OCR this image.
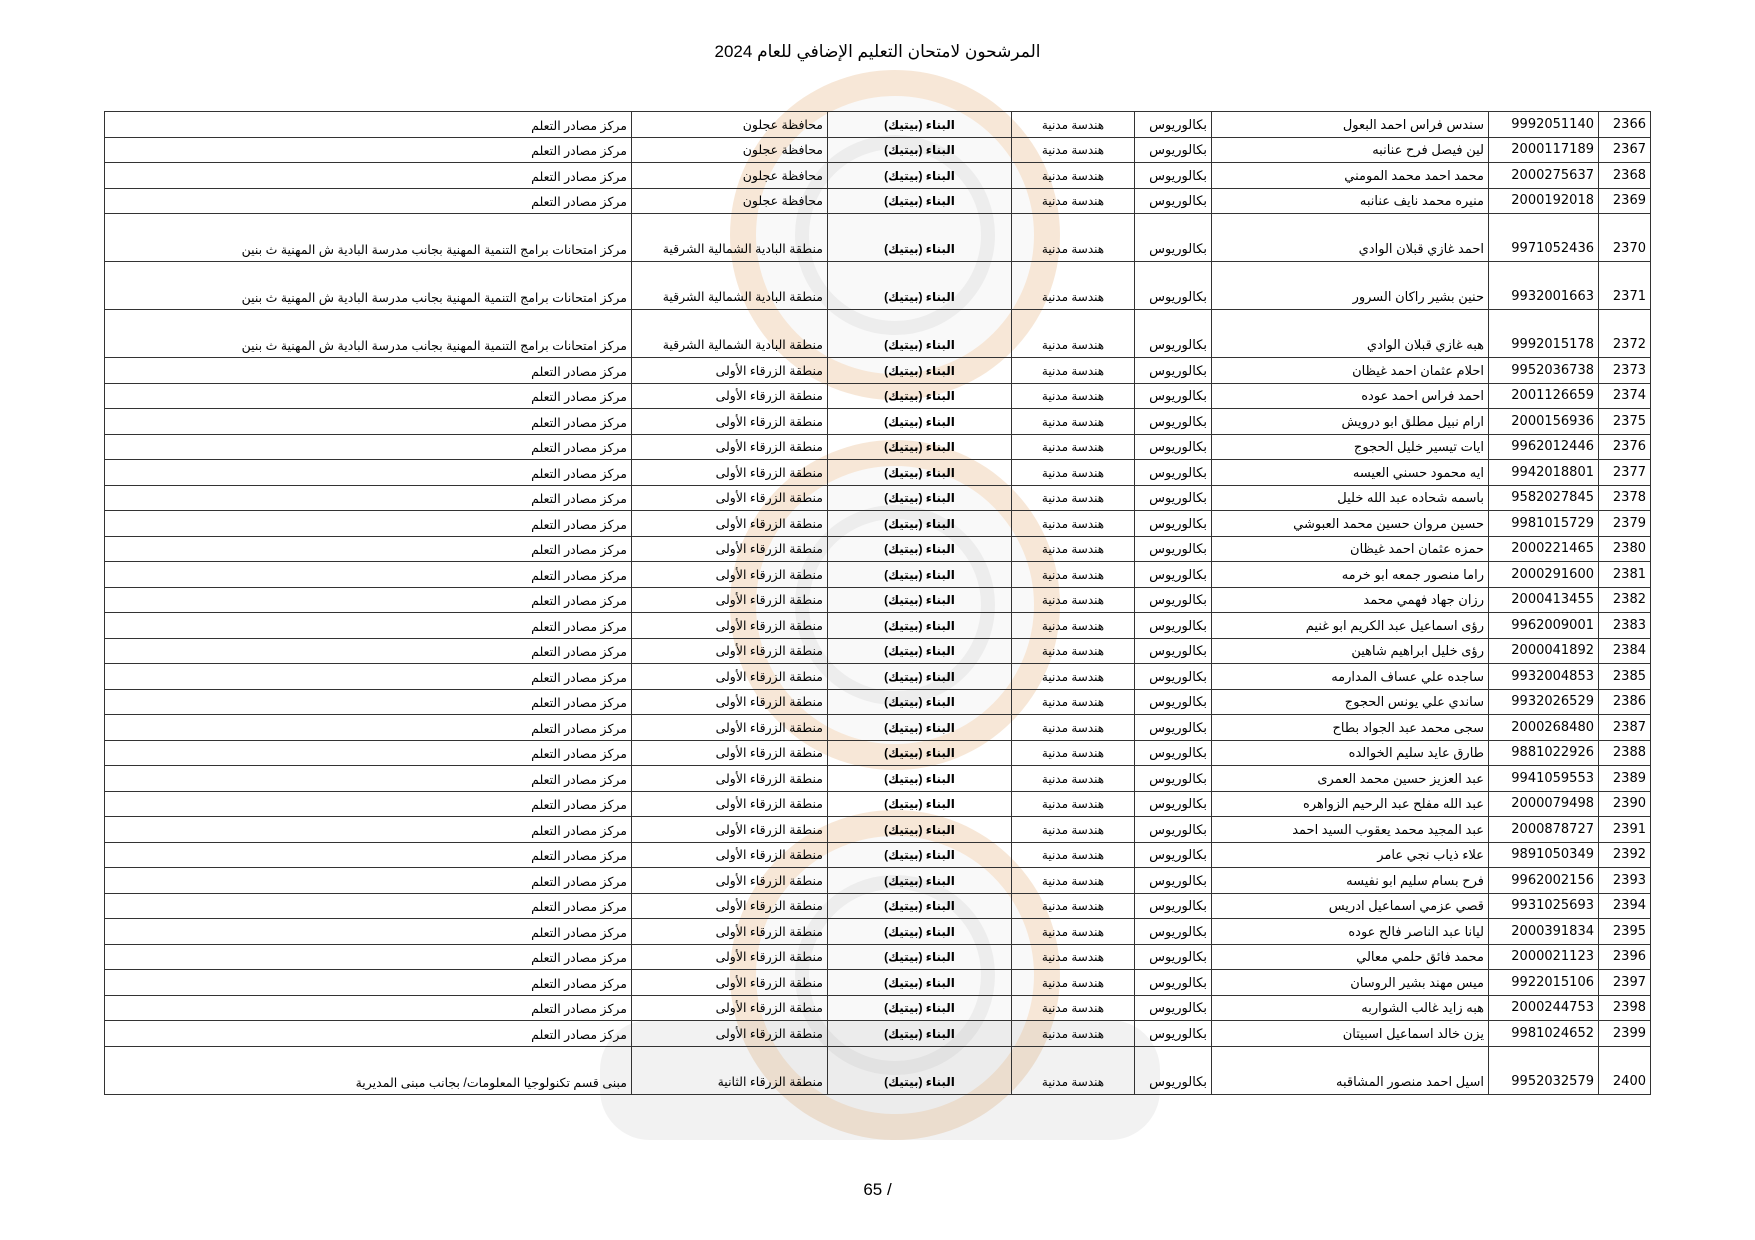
المرشحون لامتحان التعليم الإضافي للعام 2024
2366	9992051140	سندس فراس احمد البعول	بكالوريوس	هندسة مدنية	البناء (بيتيك)	محافظة عجلون	مركز مصادر التعلم
2367	2000117189	لين فيصل فرح عنانبه	بكالوريوس	هندسة مدنية	البناء (بيتيك)	محافظة عجلون	مركز مصادر التعلم
2368	2000275637	محمد احمد محمد المومني	بكالوريوس	هندسة مدنية	البناء (بيتيك)	محافظة عجلون	مركز مصادر التعلم
2369	2000192018	منيره محمد نايف عنانبه	بكالوريوس	هندسة مدنية	البناء (بيتيك)	محافظة عجلون	مركز مصادر التعلم
2370	9971052436	احمد غازي قبلان الوادي	بكالوريوس	هندسة مدنية	البناء (بيتيك)	منطقة البادية الشمالية الشرقية	مركز امتحانات برامج التنمية المهنية بجانب مدرسة البادية ش المهنية ث بنين
2371	9932001663	حنين بشير راكان السرور	بكالوريوس	هندسة مدنية	البناء (بيتيك)	منطقة البادية الشمالية الشرقية	مركز امتحانات برامج التنمية المهنية بجانب مدرسة البادية ش المهنية ث بنين
2372	9992015178	هبه غازي قبلان الوادي	بكالوريوس	هندسة مدنية	البناء (بيتيك)	منطقة البادية الشمالية الشرقية	مركز امتحانات برامج التنمية المهنية بجانب مدرسة البادية ش المهنية ث بنين
2373	9952036738	احلام عثمان احمد غيظان	بكالوريوس	هندسة مدنية	البناء (بيتيك)	منطقة الزرقاء الأولى	مركز مصادر التعلم
2374	2001126659	احمد فراس احمد عوده	بكالوريوس	هندسة مدنية	البناء (بيتيك)	منطقة الزرقاء الأولى	مركز مصادر التعلم
2375	2000156936	ارام نبيل مطلق ابو درويش	بكالوريوس	هندسة مدنية	البناء (بيتيك)	منطقة الزرقاء الأولى	مركز مصادر التعلم
2376	9962012446	ايات تيسير خليل الحجوج	بكالوريوس	هندسة مدنية	البناء (بيتيك)	منطقة الزرقاء الأولى	مركز مصادر التعلم
2377	9942018801	ايه محمود حسني العيسه	بكالوريوس	هندسة مدنية	البناء (بيتيك)	منطقة الزرقاء الأولى	مركز مصادر التعلم
2378	9582027845	باسمه شحاده عبد الله خليل	بكالوريوس	هندسة مدنية	البناء (بيتيك)	منطقة الزرقاء الأولى	مركز مصادر التعلم
2379	9981015729	حسين مروان حسين محمد العبوشي	بكالوريوس	هندسة مدنية	البناء (بيتيك)	منطقة الزرقاء الأولى	مركز مصادر التعلم
2380	2000221465	حمزه عثمان احمد غيظان	بكالوريوس	هندسة مدنية	البناء (بيتيك)	منطقة الزرقاء الأولى	مركز مصادر التعلم
2381	2000291600	راما منصور جمعه ابو خرمه	بكالوريوس	هندسة مدنية	البناء (بيتيك)	منطقة الزرقاء الأولى	مركز مصادر التعلم
2382	2000413455	رزان جهاد فهمي محمد	بكالوريوس	هندسة مدنية	البناء (بيتيك)	منطقة الزرقاء الأولى	مركز مصادر التعلم
2383	9962009001	رؤى اسماعيل عبد الكريم ابو غنيم	بكالوريوس	هندسة مدنية	البناء (بيتيك)	منطقة الزرقاء الأولى	مركز مصادر التعلم
2384	2000041892	رؤى خليل ابراهيم شاهين	بكالوريوس	هندسة مدنية	البناء (بيتيك)	منطقة الزرقاء الأولى	مركز مصادر التعلم
2385	9932004853	ساجده علي عساف المدارمه	بكالوريوس	هندسة مدنية	البناء (بيتيك)	منطقة الزرقاء الأولى	مركز مصادر التعلم
2386	9932026529	ساندي علي يونس الحجوج	بكالوريوس	هندسة مدنية	البناء (بيتيك)	منطقة الزرقاء الأولى	مركز مصادر التعلم
2387	2000268480	سجى محمد عبد الجواد بطاح	بكالوريوس	هندسة مدنية	البناء (بيتيك)	منطقة الزرقاء الأولى	مركز مصادر التعلم
2388	9881022926	طارق عايد سليم الخوالده	بكالوريوس	هندسة مدنية	البناء (بيتيك)	منطقة الزرقاء الأولى	مركز مصادر التعلم
2389	9941059553	عبد العزيز حسين محمد العمرى	بكالوريوس	هندسة مدنية	البناء (بيتيك)	منطقة الزرقاء الأولى	مركز مصادر التعلم
2390	2000079498	عبد الله مفلح عبد الرحيم الزواهره	بكالوريوس	هندسة مدنية	البناء (بيتيك)	منطقة الزرقاء الأولى	مركز مصادر التعلم
2391	2000878727	عبد المجيد محمد يعقوب السيد احمد	بكالوريوس	هندسة مدنية	البناء (بيتيك)	منطقة الزرقاء الأولى	مركز مصادر التعلم
2392	9891050349	علاء ذياب نجي عامر	بكالوريوس	هندسة مدنية	البناء (بيتيك)	منطقة الزرقاء الأولى	مركز مصادر التعلم
2393	9962002156	فرح بسام سليم ابو نفيسه	بكالوريوس	هندسة مدنية	البناء (بيتيك)	منطقة الزرقاء الأولى	مركز مصادر التعلم
2394	9931025693	قصي عزمي اسماعيل ادريس	بكالوريوس	هندسة مدنية	البناء (بيتيك)	منطقة الزرقاء الأولى	مركز مصادر التعلم
2395	2000391834	ليانا عبد الناصر فالح عوده	بكالوريوس	هندسة مدنية	البناء (بيتيك)	منطقة الزرقاء الأولى	مركز مصادر التعلم
2396	2000021123	محمد فائق حلمي معالي	بكالوريوس	هندسة مدنية	البناء (بيتيك)	منطقة الزرقاء الأولى	مركز مصادر التعلم
2397	9922015106	ميس مهند بشير الروسان	بكالوريوس	هندسة مدنية	البناء (بيتيك)	منطقة الزرقاء الأولى	مركز مصادر التعلم
2398	2000244753	هبه زايد غالب الشواربه	بكالوريوس	هندسة مدنية	البناء (بيتيك)	منطقة الزرقاء الأولى	مركز مصادر التعلم
2399	9981024652	يزن خالد اسماعيل اسبيتان	بكالوريوس	هندسة مدنية	البناء (بيتيك)	منطقة الزرقاء الأولى	مركز مصادر التعلم
2400	9952032579	اسيل احمد منصور المشاقبه	بكالوريوس	هندسة مدنية	البناء (بيتيك)	منطقة الزرقاء الثانية	مبنى قسم تكنولوجيا المعلومات/ بجانب مبنى المديرية
65 /
